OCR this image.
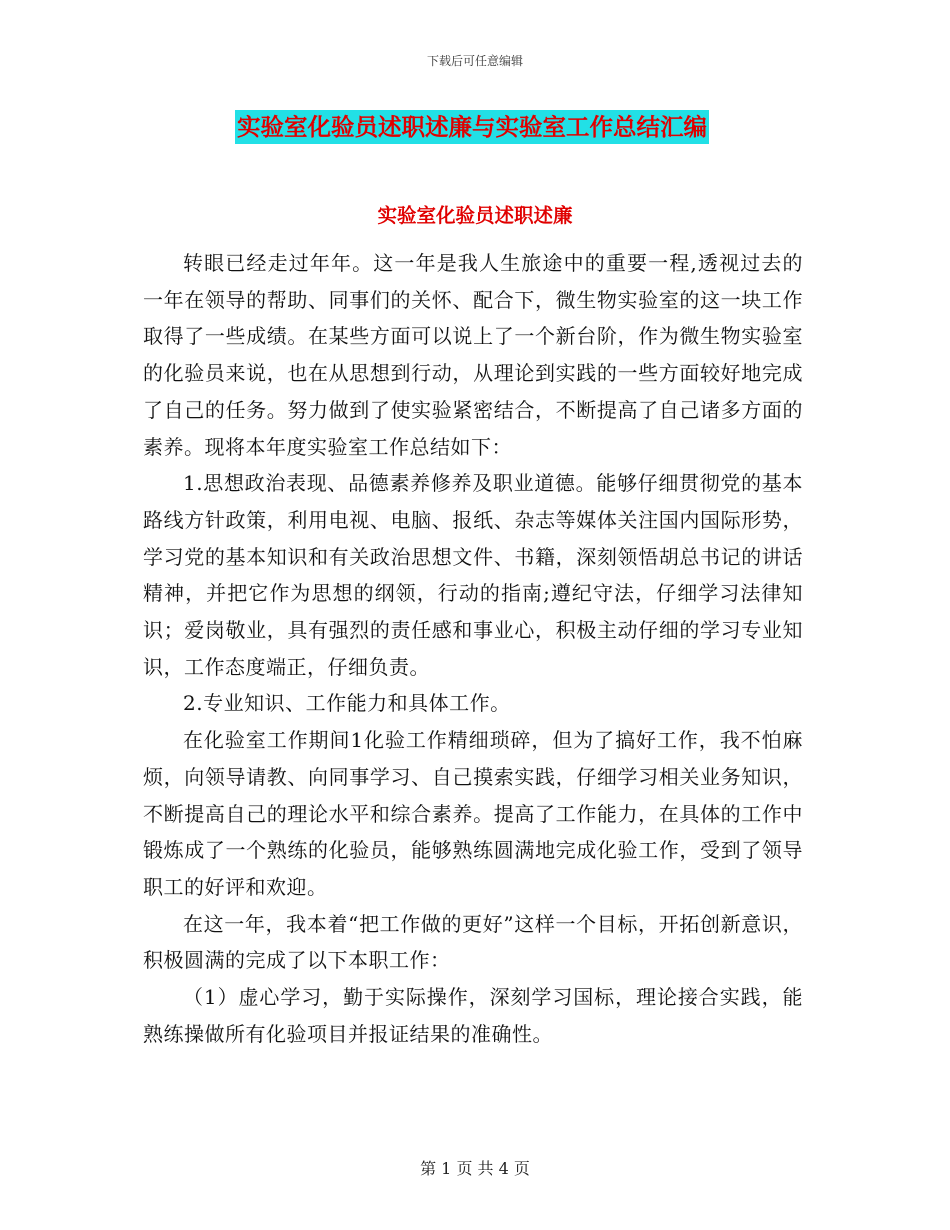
下载后可任意编辑
实验室化验员述职述廉与实验室工作总结汇编
实验室化验员述职述廉

转眼已经走过年年。这一年是我人生旅途中的重要一程,透视过去的一年在领导的帮助、同事们的关怀、配合下，微生物实验室的这一块工作取得了一些成绩。在某些方面可以说上了一个新台阶，作为微生物实验室的化验员来说，也在从思想到行动，从理论到实践的一些方面较好地完成了自己的任务。努力做到了使实验紧密结合，不断提高了自己诸多方面的素养。现将本年度实验室工作总结如下：

1.思想政治表现、品德素养修养及职业道德。能够仔细贯彻党的基本路线方针政策，利用电视、电脑、报纸、杂志等媒体关注国内国际形势，学习党的基本知识和有关政治思想文件、书籍，深刻领悟胡总书记的讲话精神，并把它作为思想的纲领，行动的指南;遵纪守法，仔细学习法律知识；爱岗敬业，具有强烈的责任感和事业心，积极主动仔细的学习专业知识，工作态度端正，仔细负责。

2.专业知识、工作能力和具体工作。

在化验室工作期间1化验工作精细琐碎，但为了搞好工作，我不怕麻烦，向领导请教、向同事学习、自己摸索实践，仔细学习相关业务知识，不断提高自己的理论水平和综合素养。提高了工作能力，在具体的工作中锻炼成了一个熟练的化验员，能够熟练圆满地完成化验工作，受到了领导职工的好评和欢迎。

在这一年，我本着“把工作做的更好”这样一个目标，开拓创新意识，积极圆满的完成了以下本职工作：

（1）虚心学习，勤于实际操作，深刻学习国标，理论接合实践，能熟练操做所有化验项目并报证结果的准确性。

第 1 页 共 4 页
